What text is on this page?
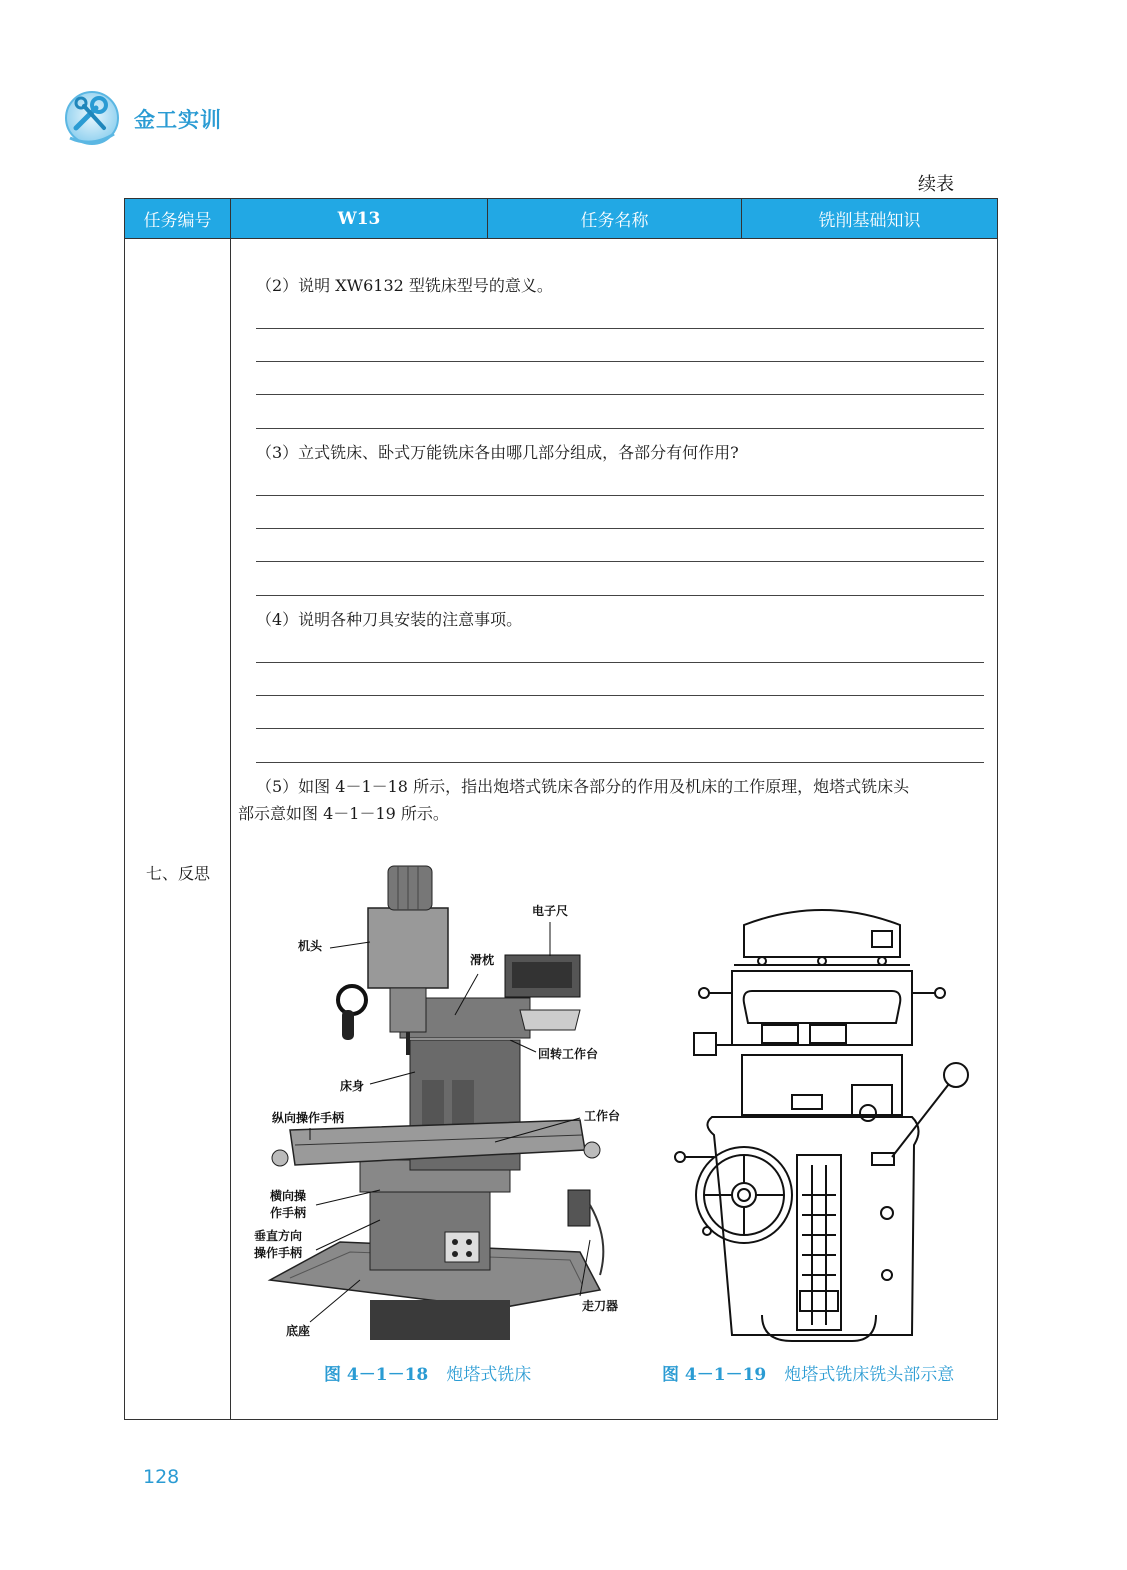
金工实训
续表
任务编号	W13	任务名称	铣削基础知识
七、反思
（2）说明 XW6132 型铣床型号的意义。
（3）立式铣床、卧式万能铣床各由哪几部分组成，各部分有何作用?
（4）说明各种刀具安装的注意事项。
（5）如图 4－1－18 所示，指出炮塔式铣床各部分的作用及机床的工作原理，炮塔式铣床头
部示意如图 4－1－19 所示。
机头
滑枕
电子尺
回转工作台
床身
纵向操作手柄	工作台
横向操
作手柄
垂直方向
操作手柄
走刀器
底座
图 4－1－18 炮塔式铣床	图 4－1－19 炮塔式铣床铣头部示意
128
